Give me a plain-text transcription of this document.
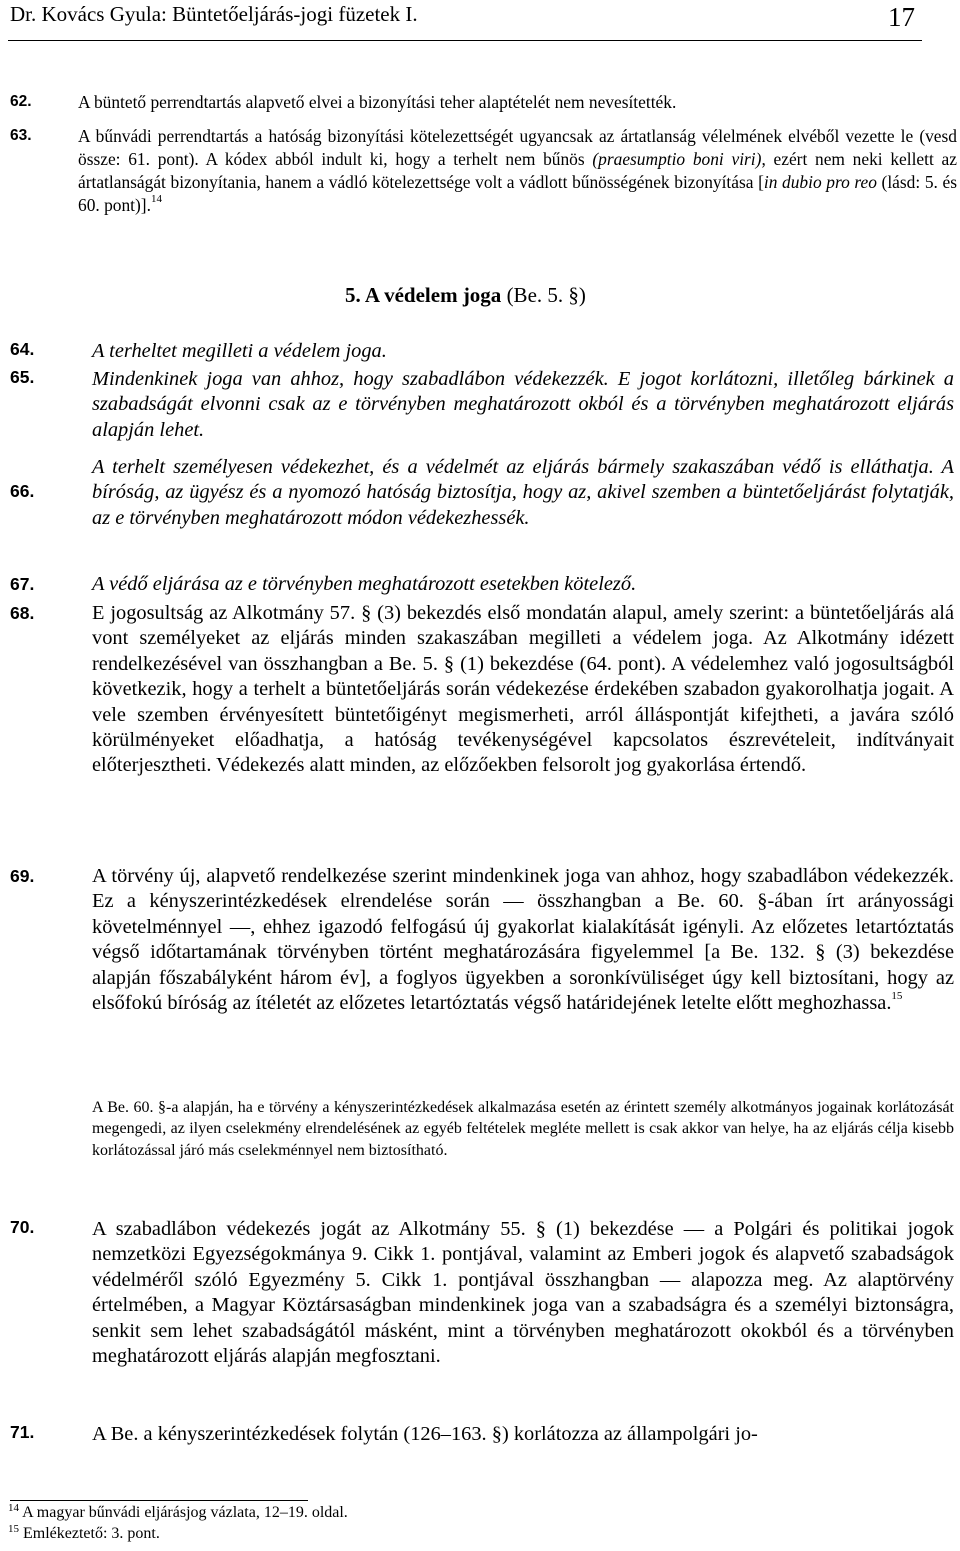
Dr. Kovács Gyula: Büntetőeljárás-jogi füzetek I.	17
62.	A büntető perrendtartás alapvető elvei a bizonyítási teher alaptételét nem nevesítették.
63.	A bűnvádi perrendtartás a hatóság bizonyítási kötelezettségét ugyancsak az ártatlanság vélelmének elvéből vezette le (vesd össze: 61. pont). A kódex abból indult ki, hogy a terhelt nem bűnös (praesumptio boni viri), ezért nem neki kellett az ártatlanságát bizonyítania, hanem a vádló kötelezettsége volt a vádlott bűnösségének bizonyítása [in dubio pro reo (lásd: 5. és 60. pont)].$^{14}$
5. A védelem joga (Be. 5. §)
64.	A terheltet megilleti a védelem joga.
65.	Mindenkinek joga van ahhoz, hogy szabadlábon védekezzék. E jogot korlátozni, illetőleg bárkinek a szabadságát elvonni csak az e törvényben meghatározott okból és a törvényben meghatározott eljárás alapján lehet.
66.
A terhelt személyesen védekezhet, és a védelmét az eljárás bármely szakaszában védő is elláthatja. A bíróság, az ügyész és a nyomozó hatóság biztosítja, hogy az, akivel szemben a büntetőeljárást folytatják, az e törvényben meghatározott módon védekezhessék.
67.	A védő eljárása az e törvényben meghatározott esetekben kötelező.
68.	E jogosultság az Alkotmány 57. § (3) bekezdés első mondatán alapul, amely szerint: a büntetőeljárás alá vont személyeket az eljárás minden szakaszában megilleti a védelem joga. Az Alkotmány idézett rendelkezésével van összhangban a Be. 5. § (1) bekezdése (64. pont). A védelemhez való jogosultságból következik, hogy a terhelt a büntetőeljárás során védekezése érdekében szabadon gyakorolhatja jogait. A vele szemben érvényesített büntetőigényt megismerheti, arról álláspontját kifejtheti, a javára szóló körülményeket előadhatja, a hatóság tevékenységével kapcsolatos észrevételeit, indítványait előterjesztheti. Védekezés alatt minden, az előzőekben felsorolt jog gyakorlása értendő.
69.	A törvény új, alapvető rendelkezése szerint mindenkinek joga van ahhoz, hogy szabadlábon védekezzék. Ez a kényszerintézkedések elrendelése során — összhangban a Be. 60. §-ában írt arányossági követelménnyel —, ehhez igazodó felfogású új gyakorlat kialakítását igényli. Az előzetes letartóztatás végső időtartamának törvényben történt meghatározására figyelemmel [a Be. 132. § (3) bekezdése alapján főszabályként három év], a foglyos ügyekben a soronkívüliséget úgy kell biztosítani, hogy az elsőfokú bíróság az ítéletét az előzetes letartóztatás végső határidejének letelte előtt meghozhassa.$^{15}$
A Be. 60. §-a alapján, ha e törvény a kényszerintézkedések alkalmazása esetén az érintett személy alkotmányos jogainak korlátozását megengedi, az ilyen cselekmény elrendelésének az egyéb feltételek megléte mellett is csak akkor van helye, ha az eljárás célja kisebb korlátozással járó más cselekménnyel nem biztosítható.
70.	A szabadlábon védekezés jogát az Alkotmány 55. § (1) bekezdése — a Polgári és politikai jogok nemzetközi Egyezségokmánya 9. Cikk 1. pontjával, valamint az Emberi jogok és alapvető szabadságok védelméről szóló Egyezmény 5. Cikk 1. pontjával összhangban — alapozza meg. Az alaptörvény értelmében, a Magyar Köztársaságban mindenkinek joga van a szabadságra és a személyi biztonságra, senkit sem lehet szabadságától másként, mint a törvényben meghatározott okokból és a törvényben meghatározott eljárás alapján megfosztani.
71.	A Be. a kényszerintézkedések folytán (126–163. §) korlátozza az állampolgári jo-
$^{14}$ A magyar bűnvádi eljárásjog vázlata, 12–19. oldal.
$^{15}$ Emlékeztető: 3. pont.
